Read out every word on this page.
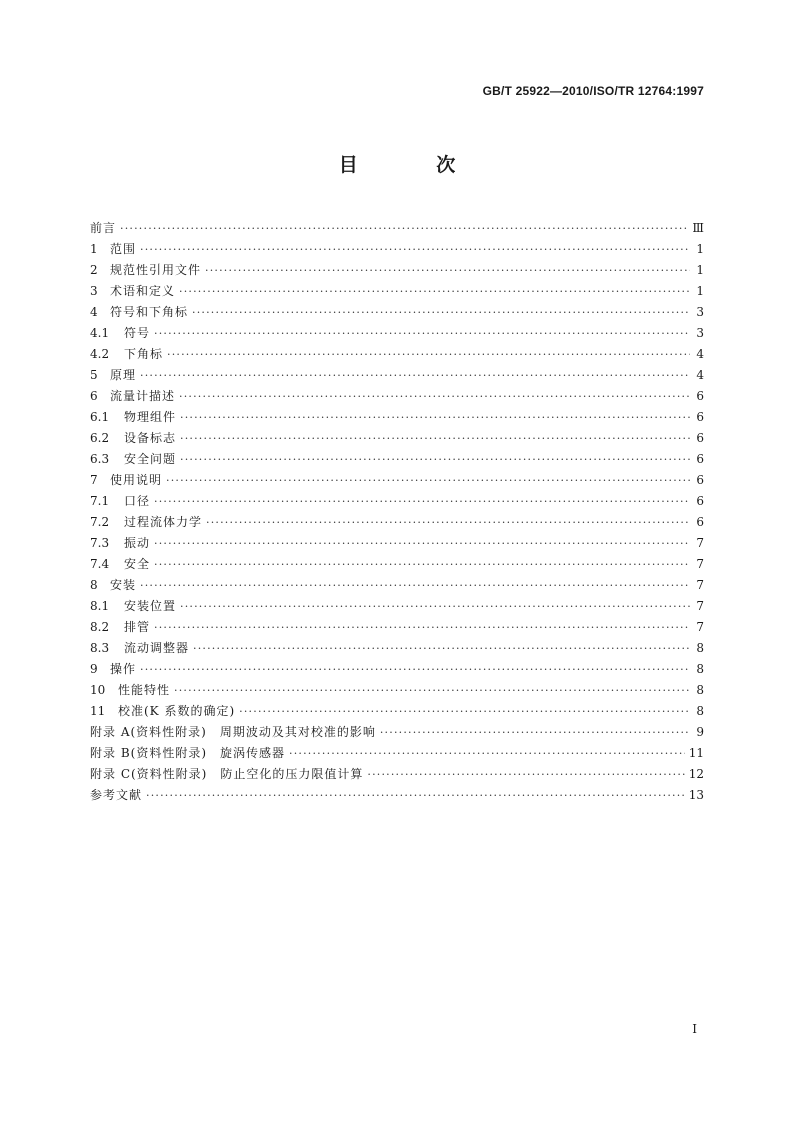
GB/T 25922—2010/ISO/TR 12764:1997
目 次
前言 ·····	Ⅲ
1	范围 ·····	1
2	规范性引用文件 ·····	1
3	术语和定义 ·····	1
4	符号和下角标 ·····	3
4.1	符号 ·····	3
4.2	下角标 ·····	4
5	原理 ·····	4
6	流量计描述 ·····	6
6.1	物理组件 ·····	6
6.2	设备标志 ·····	6
6.3	安全问题 ·····	6
7	使用说明 ·····	6
7.1	口径 ·····	6
7.2	过程流体力学 ·····	6
7.3	振动 ·····	7
7.4	安全 ·····	7
8	安装 ·····	7
8.1	安装位置 ·····	7
8.2	排管 ·····	7
8.3	流动调整器 ·····	8
9	操作 ·····	8
10	性能特性 ·····	8
11	校准(K 系数的确定) ·····	8
附录 A(资料性附录)　周期波动及其对校准的影响 ·····	9
附录 B(资料性附录)　旋涡传感器 ·····	11
附录 C(资料性附录)　防止空化的压力限值计算 ·····	12
参考文献 ·····	13
Ⅰ
